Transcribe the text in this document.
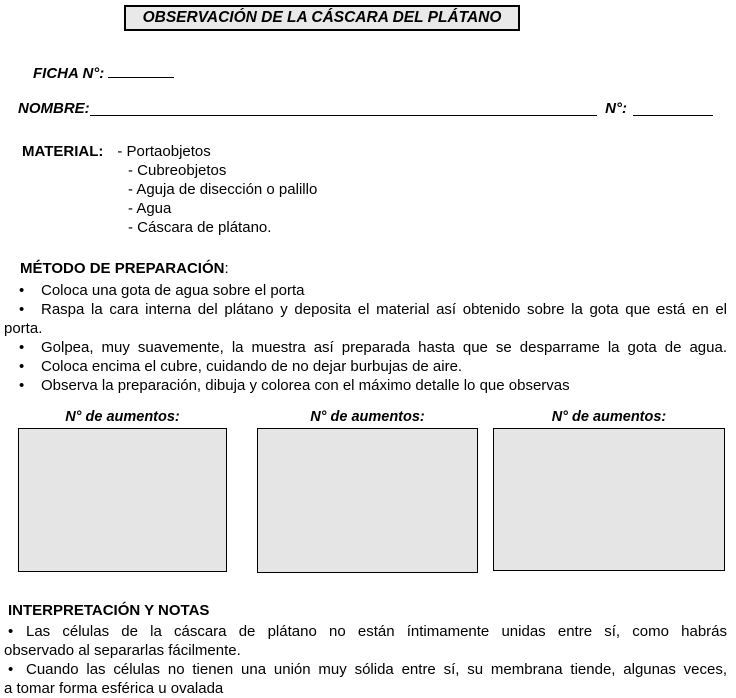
OBSERVACIÓN DE LA CÁSCARA DEL PLÁTANO
FICHA N°:
NOMBRE:	N°:
MATERIAL: - Portaobjetos
- Cubreobjetos
- Aguja de disección o palillo
- Agua
- Cáscara de plátano.
MÉTODO DE PREPARACIÓN:
• Coloca una gota de agua sobre el porta
• Raspa la cara interna del plátano y deposita el material así obtenido sobre la gota que está en el
porta.
• Golpea, muy suavemente, la muestra así preparada hasta que se desparrame la gota de agua.
• Coloca encima el cubre, cuidando de no dejar burbujas de aire.
• Observa la preparación, dibuja y colorea con el máximo detalle lo que observas
N° de aumentos:	N° de aumentos:	N° de aumentos:
INTERPRETACIÓN Y NOTAS
• Las células de la cáscara de plátano no están íntimamente unidas entre sí, como habrás
observado al separarlas fácilmente.
• Cuando las células no tienen una unión muy sólida entre sí, su membrana tiende, algunas veces,
a tomar forma esférica u ovalada
